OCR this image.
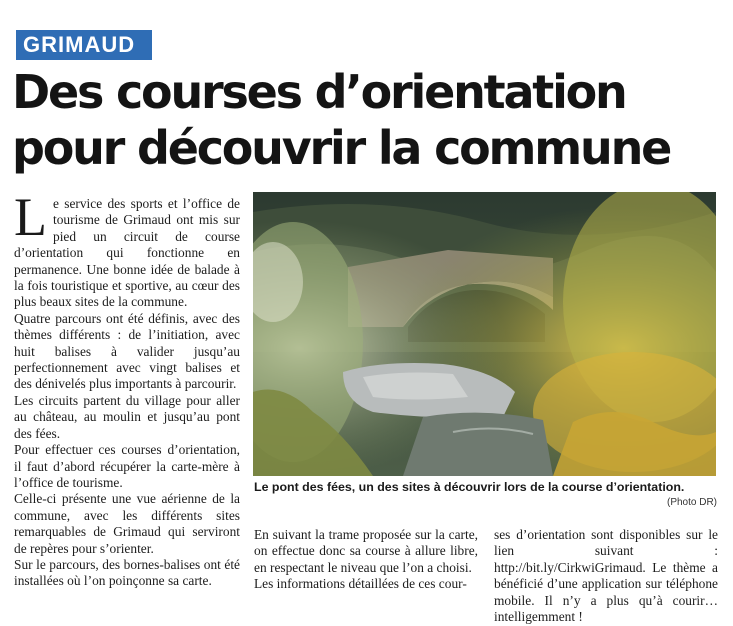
GRIMAUD
Des courses d’orientation
pour découvrir la commune

Le service des sports et l’office de tourisme de Grimaud ont mis sur pied un circuit de course d’orientation qui fonctionne en permanence. Une bonne idée de balade à la fois touristique et sportive, au cœur des plus beaux sites de la commune.

Quatre parcours ont été définis, avec des thèmes différents : de l’initiation, avec huit balises à valider jusqu’au perfectionnement avec vingt balises et des dénivelés plus importants à parcourir.

Les circuits partent du village pour aller au château, au moulin et jusqu’au pont des fées.

Pour effectuer ces courses d’orientation, il faut d’abord récupérer la carte-mère à l’office de tourisme.

Celle-ci présente une vue aérienne de la commune, avec les différents sites remarquables de Grimaud qui serviront de repères pour s’orienter.

Sur le parcours, des bornes-balises ont été installées où l’on poinçonne sa carte.

Le pont des fées, un des sites à découvrir lors de la course d’orientation.
(Photo DR)

En suivant la trame proposée sur la carte, on effectue donc sa course à allure libre, en respectant le niveau que l’on a choisi.

Les informations détaillées de ces cour-

ses d’orientation sont disponibles sur le lien suivant : http://bit.ly/CirkwiGrimaud. Le thème a bénéficié d’une application sur téléphone mobile. Il n’y a plus qu’à courir… intelligemment !
